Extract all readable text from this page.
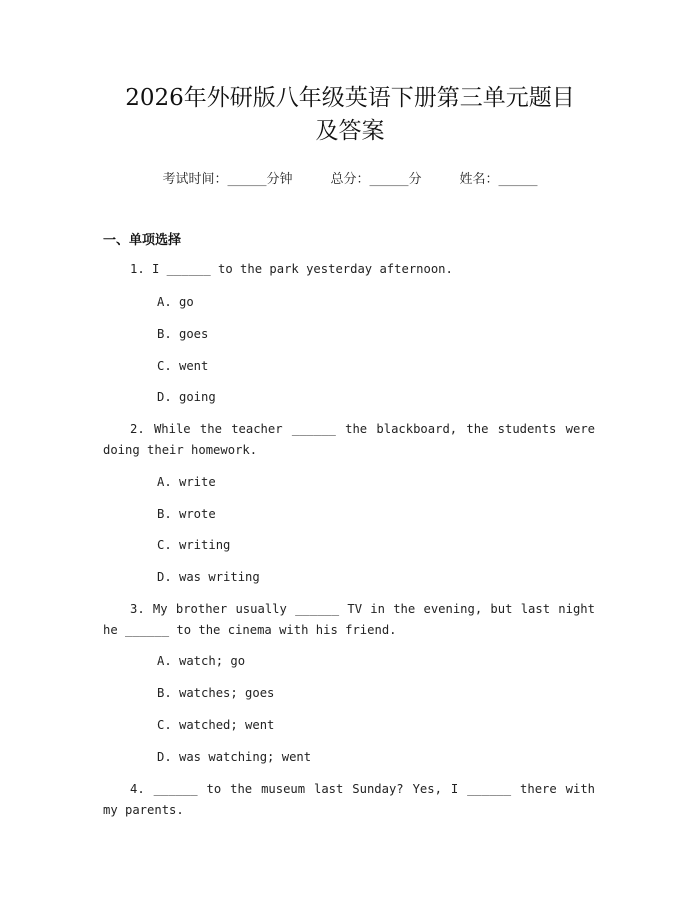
2026年外研版八年级英语下册第三单元题目
及答案
考试时间：______分钟	总分：______分	姓名：______
一、单项选择
1. I ______ to the park yesterday afternoon.
A. go
B. goes
C. went
D. going
2. While the teacher ______ the blackboard, the students were doing their homework.
A. write
B. wrote
C. writing
D. was writing
3. My brother usually ______ TV in the evening, but last night he ______ to the cinema with his friend.
A. watch; go
B. watches; goes
C. watched; went
D. was watching; went
4. ______ to the museum last Sunday? Yes, I ______ there with my parents.
